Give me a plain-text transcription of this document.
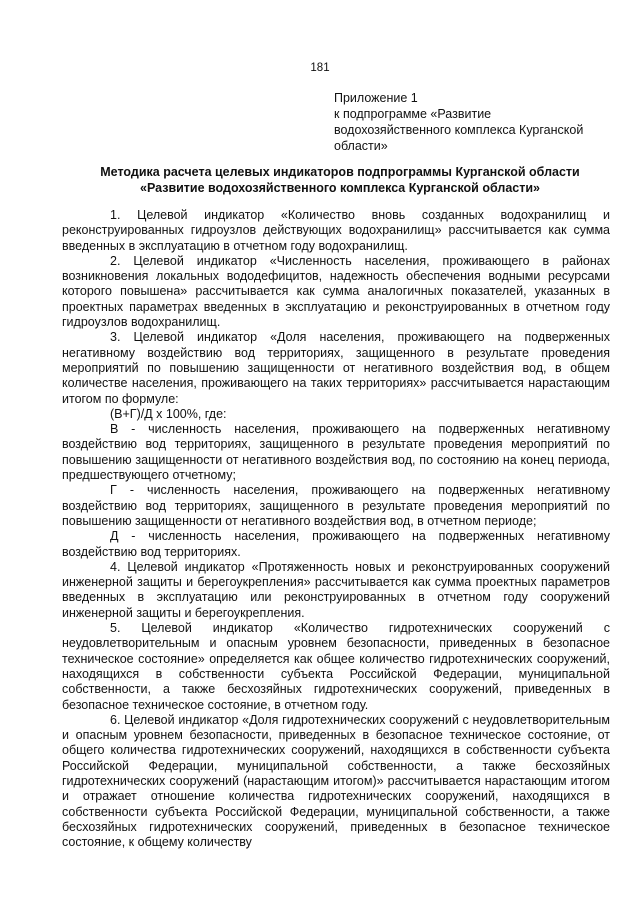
181
Приложение 1
к подпрограмме «Развитие
водохозяйственного комплекса Курганской
области»
Методика расчета целевых индикаторов подпрограммы Курганской области
«Развитие водохозяйственного комплекса Курганской области»

1. Целевой индикатор «Количество вновь созданных водохранилищ и реконструированных гидроузлов действующих водохранилищ» рассчитывается как сумма введенных в эксплуатацию в отчетном году водохранилищ.

2. Целевой индикатор «Численность населения, проживающего в районах возникновения локальных вододефицитов, надежность обеспечения водными ресурсами которого повышена» рассчитывается как сумма аналогичных показателей, указанных в проектных параметрах введенных в эксплуатацию и реконструированных в отчетном году гидроузлов водохранилищ.

3. Целевой индикатор «Доля населения, проживающего на подверженных негативному воздействию вод территориях, защищенного в результате проведения мероприятий по повышению защищенности от негативного воздействия вод, в общем количестве населения, проживающего на таких территориях» рассчитывается нарастающим итогом по формуле:

(В+Г)/Д х 100%, где:

В - численность населения, проживающего на подверженных негативному воздействию вод территориях, защищенного в результате проведения мероприятий по повышению защищенности от негативного воздействия вод, по состоянию на конец периода, предшествующего отчетному;

Г - численность населения, проживающего на подверженных негативному воздействию вод территориях, защищенного в результате проведения мероприятий по повышению защищенности от негативного воздействия вод, в отчетном периоде;

Д - численность населения, проживающего на подверженных негативному воздействию вод территориях.

4. Целевой индикатор «Протяженность новых и реконструированных сооружений инженерной защиты и берегоукрепления» рассчитывается как сумма проектных параметров введенных в эксплуатацию или реконструированных в отчетном году сооружений инженерной защиты и берегоукрепления.

5. Целевой индикатор «Количество гидротехнических сооружений с неудовлетворительным и опасным уровнем безопасности, приведенных в безопасное техническое состояние» определяется как общее количество гидротехнических сооружений, находящихся в собственности субъекта Российской Федерации, муниципальной собственности, а также бесхозяйных гидротехнических сооружений, приведенных в безопасное техническое состояние, в отчетном году.

6. Целевой индикатор «Доля гидротехнических сооружений с неудовлетворительным и опасным уровнем безопасности, приведенных в безопасное техническое состояние, от общего количества гидротехнических сооружений, находящихся в собственности субъекта Российской Федерации, муниципальной собственности, а также бесхозяйных гидротехнических сооружений (нарастающим итогом)» рассчитывается нарастающим итогом и отражает отношение количества гидротехнических сооружений, находящихся в собственности субъекта Российской Федерации, муниципальной собственности, а также бесхозяйных гидротехнических сооружений, приведенных в безопасное техническое состояние, к общему количеству
